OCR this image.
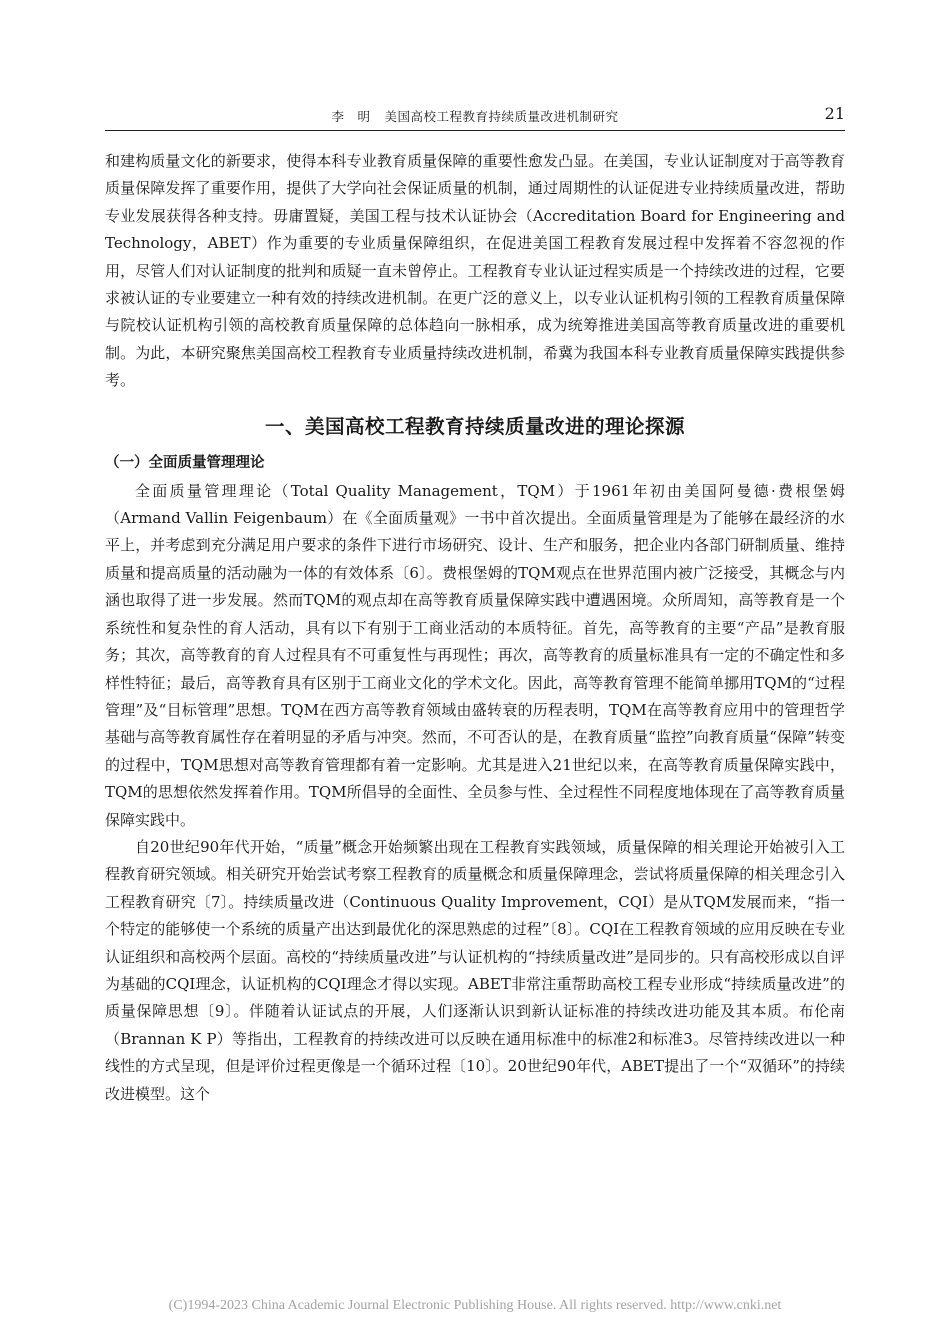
李　明 美国高校工程教育持续质量改进机制研究	21

和建构质量文化的新要求，使得本科专业教育质量保障的重要性愈发凸显。在美国，专业认证制度对于高等教育质量保障发挥了重要作用，提供了大学向社会保证质量的机制，通过周期性的认证促进专业持续质量改进，帮助专业发展获得各种支持。毋庸置疑，美国工程与技术认证协会（Accreditation Board for Engineering and Technology，ABET）作为重要的专业质量保障组织，在促进美国工程教育发展过程中发挥着不容忽视的作用，尽管人们对认证制度的批判和质疑一直未曾停止。工程教育专业认证过程实质是一个持续改进的过程，它要求被认证的专业要建立一种有效的持续改进机制。在更广泛的意义上，以专业认证机构引领的工程教育质量保障与院校认证机构引领的高校教育质量保障的总体趋向一脉相承，成为统筹推进美国高等教育质量改进的重要机制。为此，本研究聚焦美国高校工程教育专业质量持续改进机制，希冀为我国本科专业教育质量保障实践提供参考。

一、美国高校工程教育持续质量改进的理论探源
（一）全面质量管理理论

全面质量管理理论（Total Quality Management，TQM）于1961年初由美国阿曼德·费根堡姆（Armand Vallin Feigenbaum）在《全面质量观》一书中首次提出。全面质量管理是为了能够在最经济的水平上，并考虑到充分满足用户要求的条件下进行市场研究、设计、生产和服务，把企业内各部门研制质量、维持质量和提高质量的活动融为一体的有效体系〔6〕。费根堡姆的TQM观点在世界范围内被广泛接受，其概念与内涵也取得了进一步发展。然而TQM的观点却在高等教育质量保障实践中遭遇困境。众所周知，高等教育是一个系统性和复杂性的育人活动，具有以下有别于工商业活动的本质特征。首先，高等教育的主要“产品”是教育服务；其次，高等教育的育人过程具有不可重复性与再现性；再次，高等教育的质量标准具有一定的不确定性和多样性特征；最后，高等教育具有区别于工商业文化的学术文化。因此，高等教育管理不能简单挪用TQM的“过程管理”及“目标管理”思想。TQM在西方高等教育领域由盛转衰的历程表明，TQM在高等教育应用中的管理哲学基础与高等教育属性存在着明显的矛盾与冲突。然而，不可否认的是，在教育质量“监控”向教育质量“保障”转变的过程中，TQM思想对高等教育管理都有着一定影响。尤其是进入21世纪以来，在高等教育质量保障实践中，TQM的思想依然发挥着作用。TQM所倡导的全面性、全员参与性、全过程性不同程度地体现在了高等教育质量保障实践中。

自20世纪90年代开始，“质量”概念开始频繁出现在工程教育实践领域，质量保障的相关理论开始被引入工程教育研究领域。相关研究开始尝试考察工程教育的质量概念和质量保障理念，尝试将质量保障的相关理念引入工程教育研究〔7〕。持续质量改进（Continuous Quality Improvement，CQI）是从TQM发展而来，“指一个特定的能够使一个系统的质量产出达到最优化的深思熟虑的过程”〔8〕。CQI在工程教育领域的应用反映在专业认证组织和高校两个层面。高校的“持续质量改进”与认证机构的“持续质量改进”是同步的。只有高校形成以自评为基础的CQI理念，认证机构的CQI理念才得以实现。ABET非常注重帮助高校工程专业形成“持续质量改进”的质量保障思想〔9〕。伴随着认证试点的开展，人们逐渐认识到新认证标准的持续改进功能及其本质。布伦南（Brannan K P）等指出，工程教育的持续改进可以反映在通用标准中的标准2和标准3。尽管持续改进以一种线性的方式呈现，但是评价过程更像是一个循环过程〔10〕。20世纪90年代，ABET提出了一个“双循环”的持续改进模型。这个

(C)1994-2023 China Academic Journal Electronic Publishing House. All rights reserved. http://www.cnki.net
